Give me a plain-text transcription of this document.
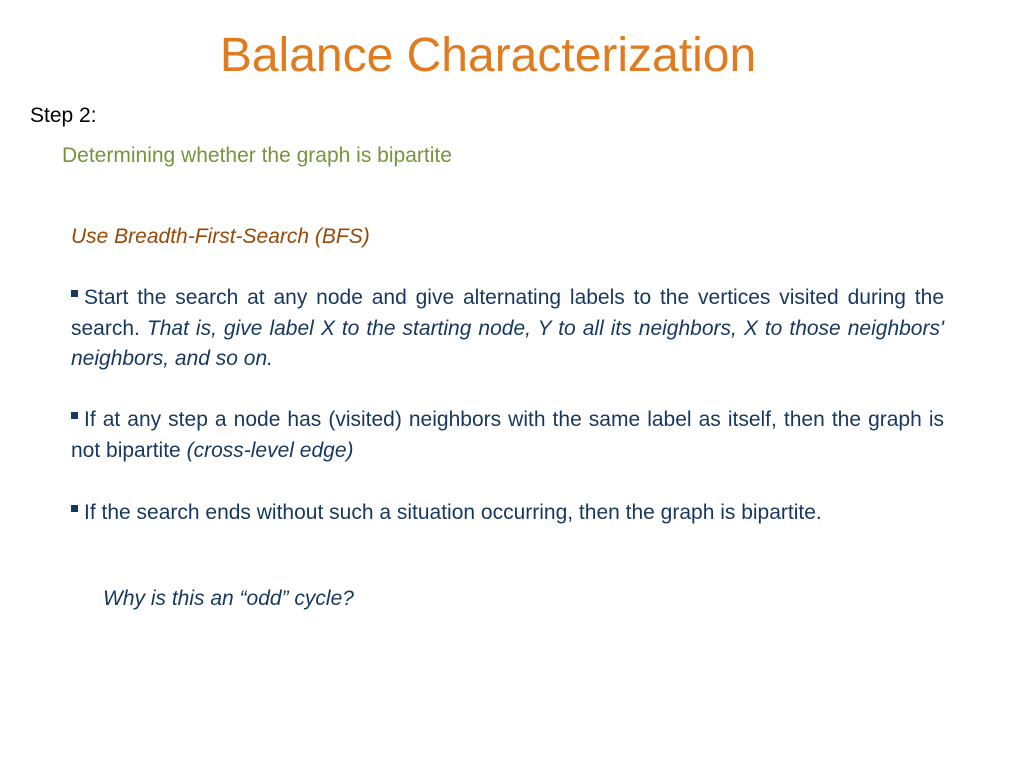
Balance Characterization
Step 2:
Determining whether the graph is bipartite
Use Breadth-First-Search (BFS)
Start the search at any node and give alternating labels to the vertices visited during the search. That is, give label X to the starting node, Y to all its neighbors, X to those neighbors' neighbors, and so on.
If at any step a node has (visited) neighbors with the same label as itself, then the graph is not bipartite (cross-level edge)
If the search ends without such a situation occurring, then the graph is bipartite.
Why is this an “odd” cycle?
